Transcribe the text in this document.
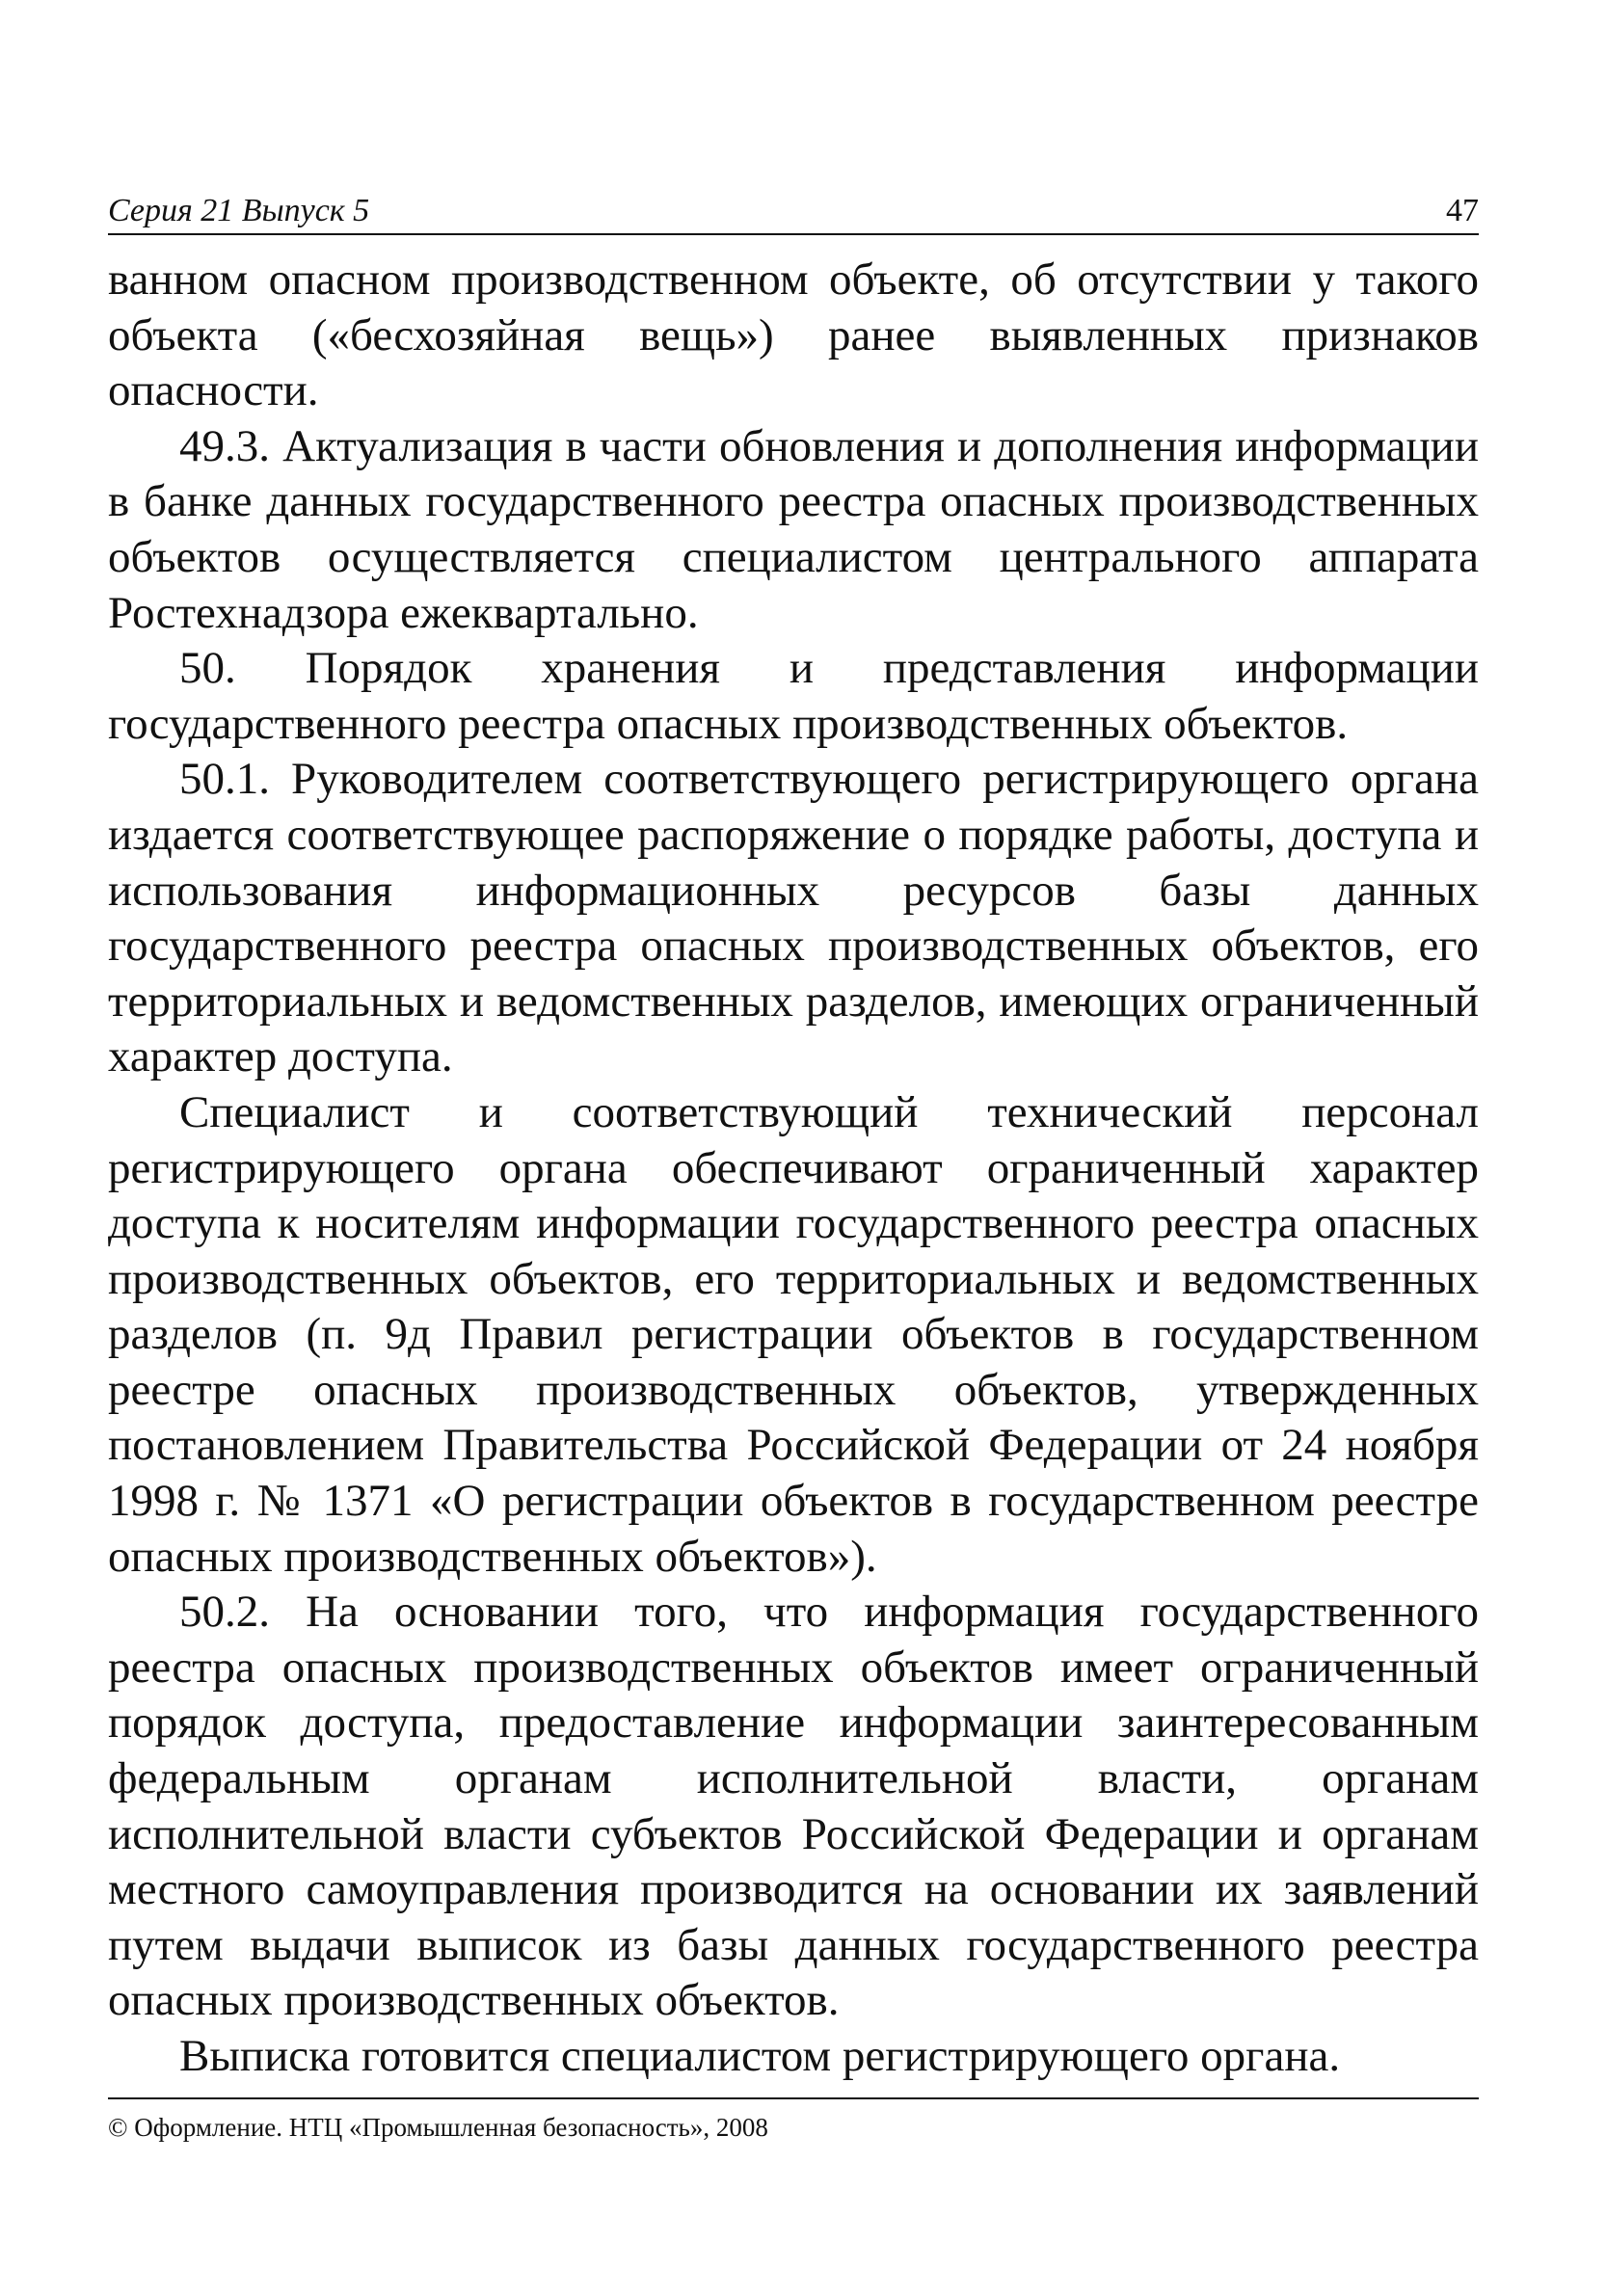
Серия 21 Выпуск 5	47

ванном опасном производственном объекте, об отсутствии у такого объекта («бесхозяйная вещь») ранее выявленных признаков опасности.

49.3. Актуализация в части обновления и дополнения информации в банке данных государственного реестра опасных производственных объектов осуществляется специалистом центрального аппарата Ростехнадзора ежеквартально.

50. Порядок хранения и представления информации государственного реестра опасных производственных объектов.

50.1. Руководителем соответствующего регистрирующего органа издается соответствующее распоряжение о порядке работы, доступа и использования информационных ресурсов базы данных государственного реестра опасных производственных объектов, его территориальных и ведомственных разделов, имеющих ограниченный характер доступа.

Специалист и соответствующий технический персонал регистрирующего органа обеспечивают ограниченный характер доступа к носителям информации государственного реестра опасных производственных объектов, его территориальных и ведомственных разделов (п. 9д Правил регистрации объектов в государственном реестре опасных производственных объектов, утвержденных постановлением Правительства Российской Федерации от 24 ноября 1998 г. № 1371 «О регистрации объектов в государственном реестре опасных производственных объектов»).

50.2. На основании того, что информация государственного реестра опасных производственных объектов имеет ограниченный порядок доступа, предоставление информации заинтересованным федеральным органам исполнительной власти, органам исполнительной власти субъектов Российской Федерации и органам местного самоуправления производится на основании их заявлений путем выдачи выписок из базы данных государственного реестра опасных производственных объектов.

Выписка готовится специалистом регистрирующего органа.

© Оформление. НТЦ «Промышленная безопасность», 2008
